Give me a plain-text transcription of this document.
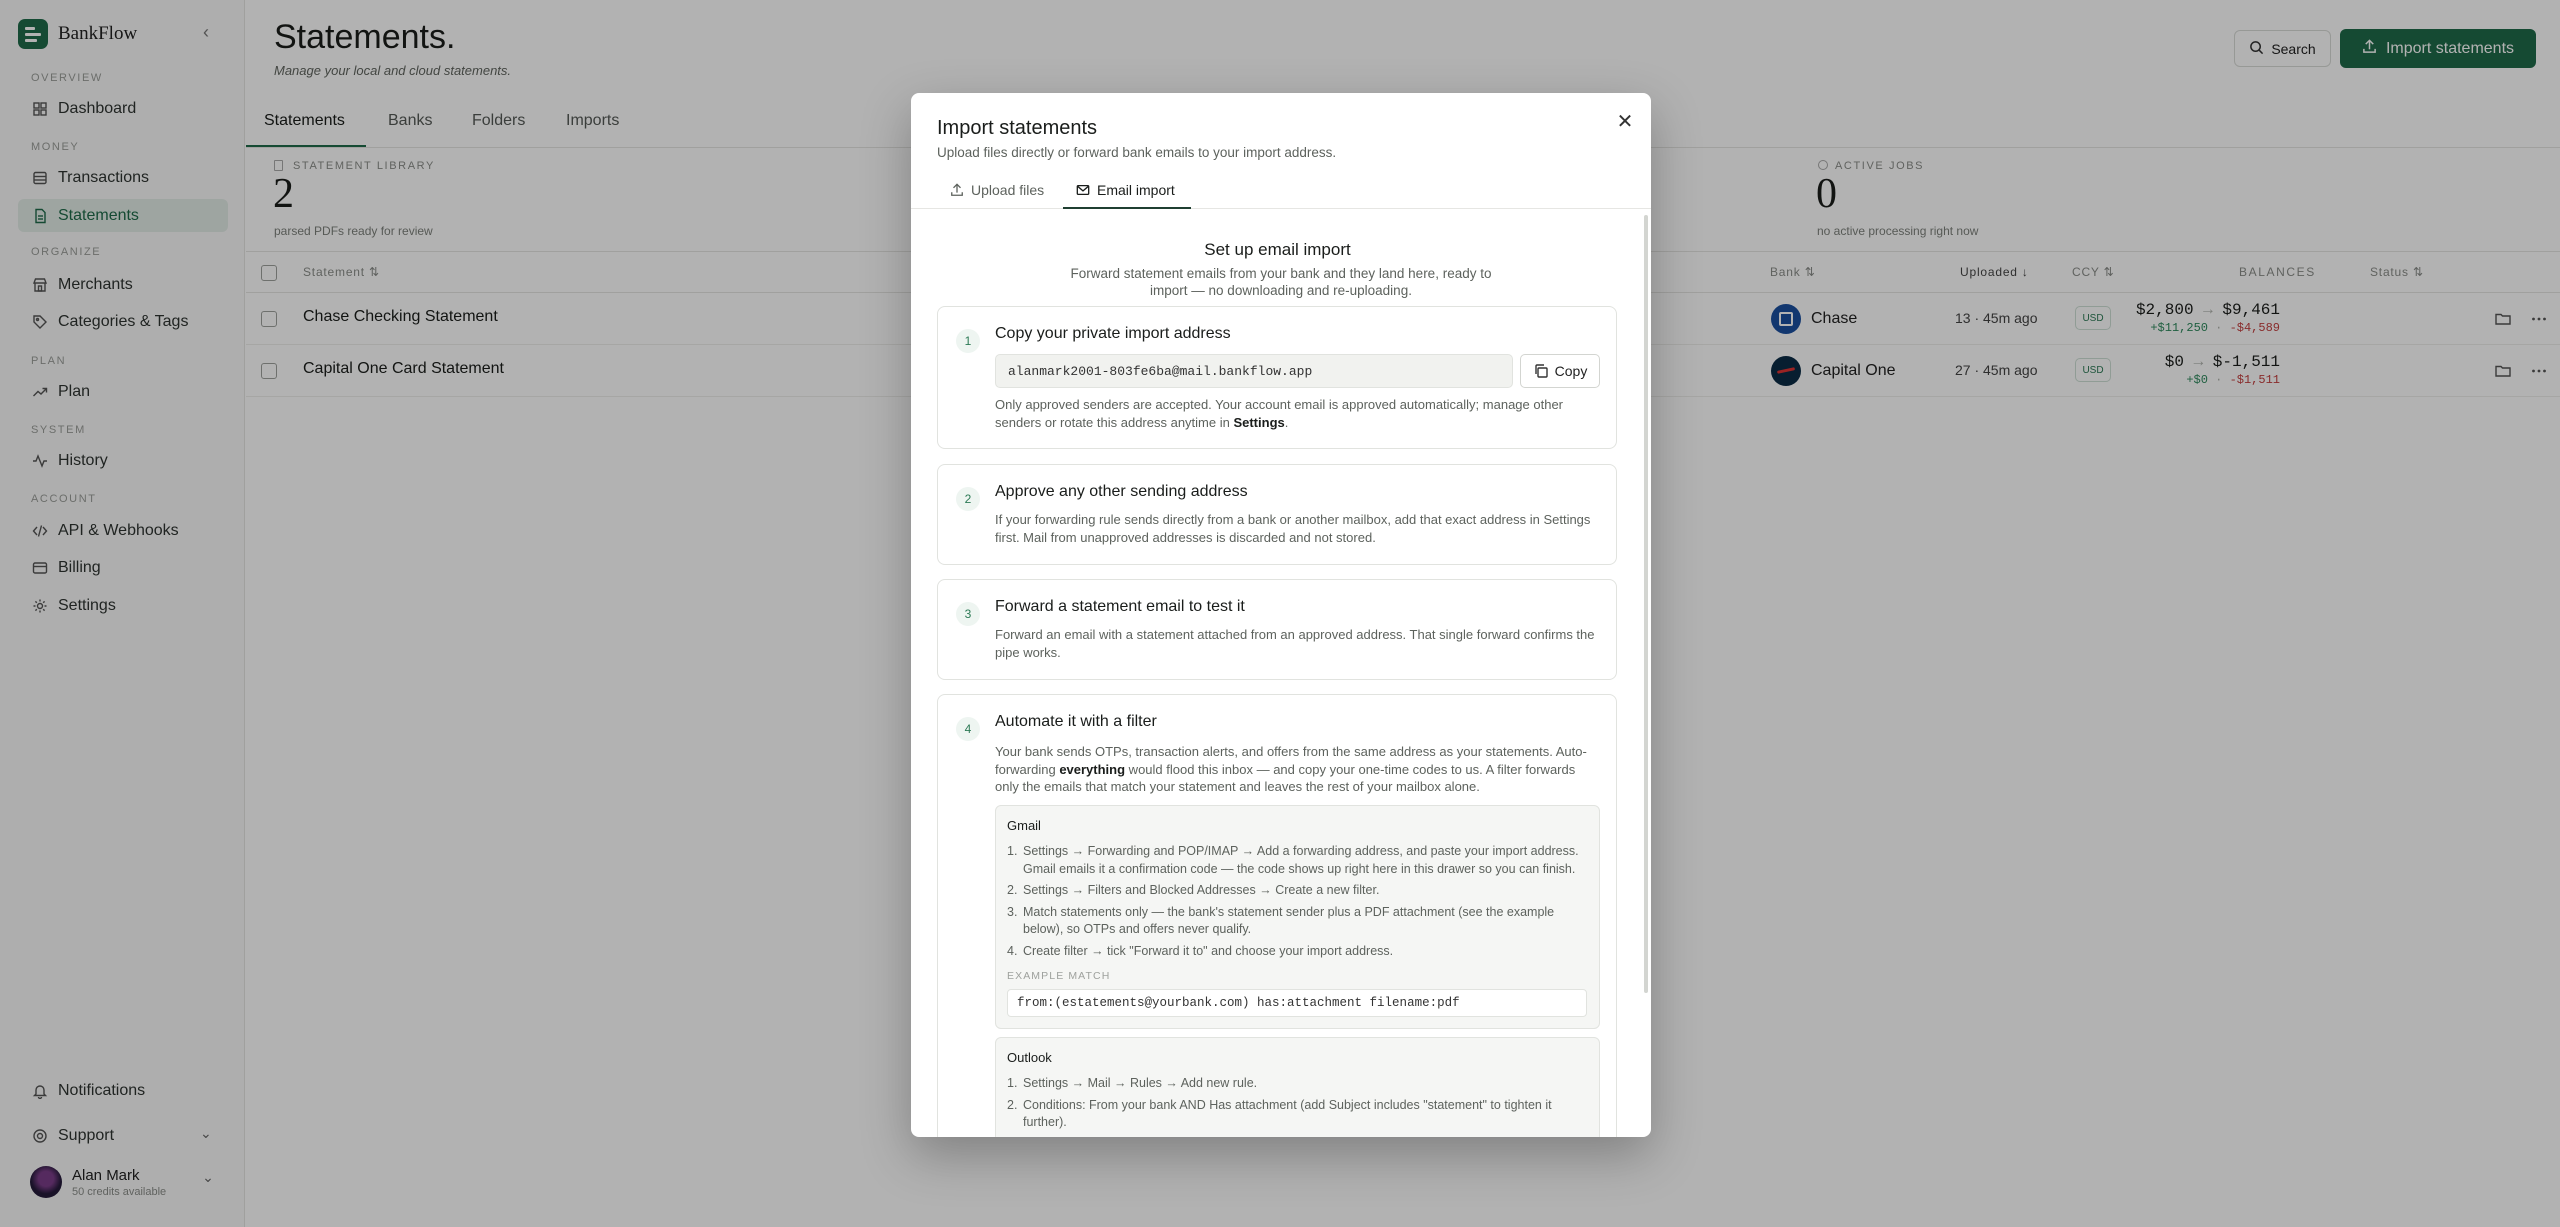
BankFlow	‹
OVERVIEW
Dashboard
MONEY
Transactions
Statements
ORGANIZE
Merchants
Categories & Tags
PLAN
Plan
SYSTEM
History
ACCOUNT
API & Webhooks
Billing
Settings
Notifications
Support	⌄
Alan Mark
50 credits available
⌄
Statements.
Manage your local and cloud statements.
Search	Import statements
Statements	Banks Folders	Imports
STATEMENT LIBRARY
2
parsed PDFs ready for review
ACTIVE JOBS
0
no active processing right now
Statement ⇅	Bank ⇅	Uploaded ↓	CCY ⇅	BALANCES	Status ⇅
Chase Checking Statement	Chase	13 · 45m ago	USD	$2,800 → $9,461
+$11,250 · -$4,589
Capital One Card Statement	Capital One	27 · 45m ago	USD	$0 → $-1,511
+$0 · -$1,511
Import statements
Upload files directly or forward bank emails to your import address.
✕
Upload files	Email import
Set up email import
Forward statement emails from your bank and they land here, ready to import — no downloading and re-uploading.
1	Copy your private import address
alanmark2001-803fe6ba@mail.bankflow.app	Copy
Only approved senders are accepted. Your account email is approved automatically; manage other senders or rotate this address anytime in Settings.
2	Approve any other sending address
If your forwarding rule sends directly from a bank or another mailbox, add that exact address in Settings first. Mail from unapproved addresses is discarded and not stored.
3	Forward a statement email to test it
Forward an email with a statement attached from an approved address. That single forward confirms the pipe works.
4	Automate it with a filter
Your bank sends OTPs, transaction alerts, and offers from the same address as your statements. Auto-forwarding everything would flood this inbox — and copy your one-time codes to us. A filter forwards only the emails that match your statement and leaves the rest of your mailbox alone.
Gmail
1. Settings → Forwarding and POP/IMAP → Add a forwarding address, and paste your import address. Gmail emails it a confirmation code — the code shows up right here in this drawer so you can finish.
2. Settings → Filters and Blocked Addresses → Create a new filter.
3. Match statements only — the bank's statement sender plus a PDF attachment (see the example below), so OTPs and offers never qualify.
4. Create filter → tick "Forward it to" and choose your import address.
EXAMPLE MATCH
from:(estatements@yourbank.com) has:attachment filename:pdf
Outlook
1. Settings → Mail → Rules → Add new rule.
2. Conditions: From your bank AND Has attachment (add Subject includes "statement" to tighten it further).
